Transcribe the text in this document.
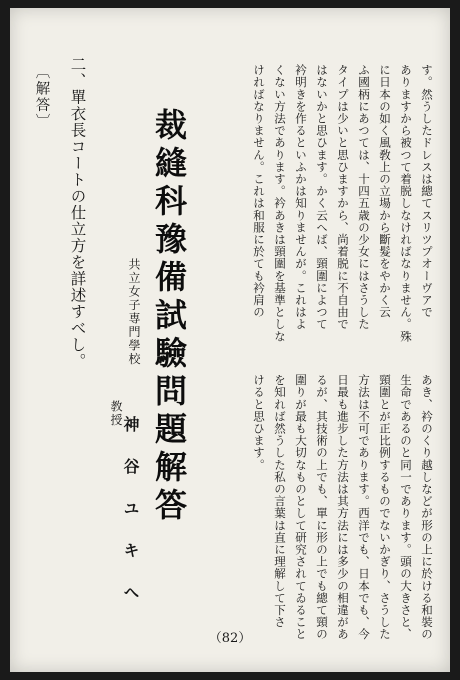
す。然うしたドレスは總てスリツプオーヴアで
ありますから被つて着脱しなければなりません。殊
に日本の如く風敎上の立場から斷髮をやかく云
ふ國柄にあつては、十四五歳の少女にはさうした
タイプは少いと思ひますから、尚着脱に不自由で
はないかと思ひます。かく云へば、頸圍によつて
衿明きを作るといふかは知りませんが。これはよ
くない方法であります。衿あきは頸圍を基準としな
ければなりません。これは和服に於ても衿肩の
あき、衿のくり越しなどが形の上に於ける和裝の
生命であるのと同一であります。頭の大きさと、
頸圍とが正比例するものでないかぎり、さうした
方法は不可であります。西洋でも、日本でも、今
日最も進步した方法は其方法には多少の相違があ
るが、其技術の上でも、單に形の上でも總て頸の
圍りが最も大切なものとして研究されてゐること
を知れば然うした私の言葉は直に理解して下さ
けると思ひます。
裁縫科豫備試驗問題解答
共立女子専門學校
教授
神谷ユキへ
二、單衣長コートの仕立方を詳述すべし。
〔解答〕
（82）
